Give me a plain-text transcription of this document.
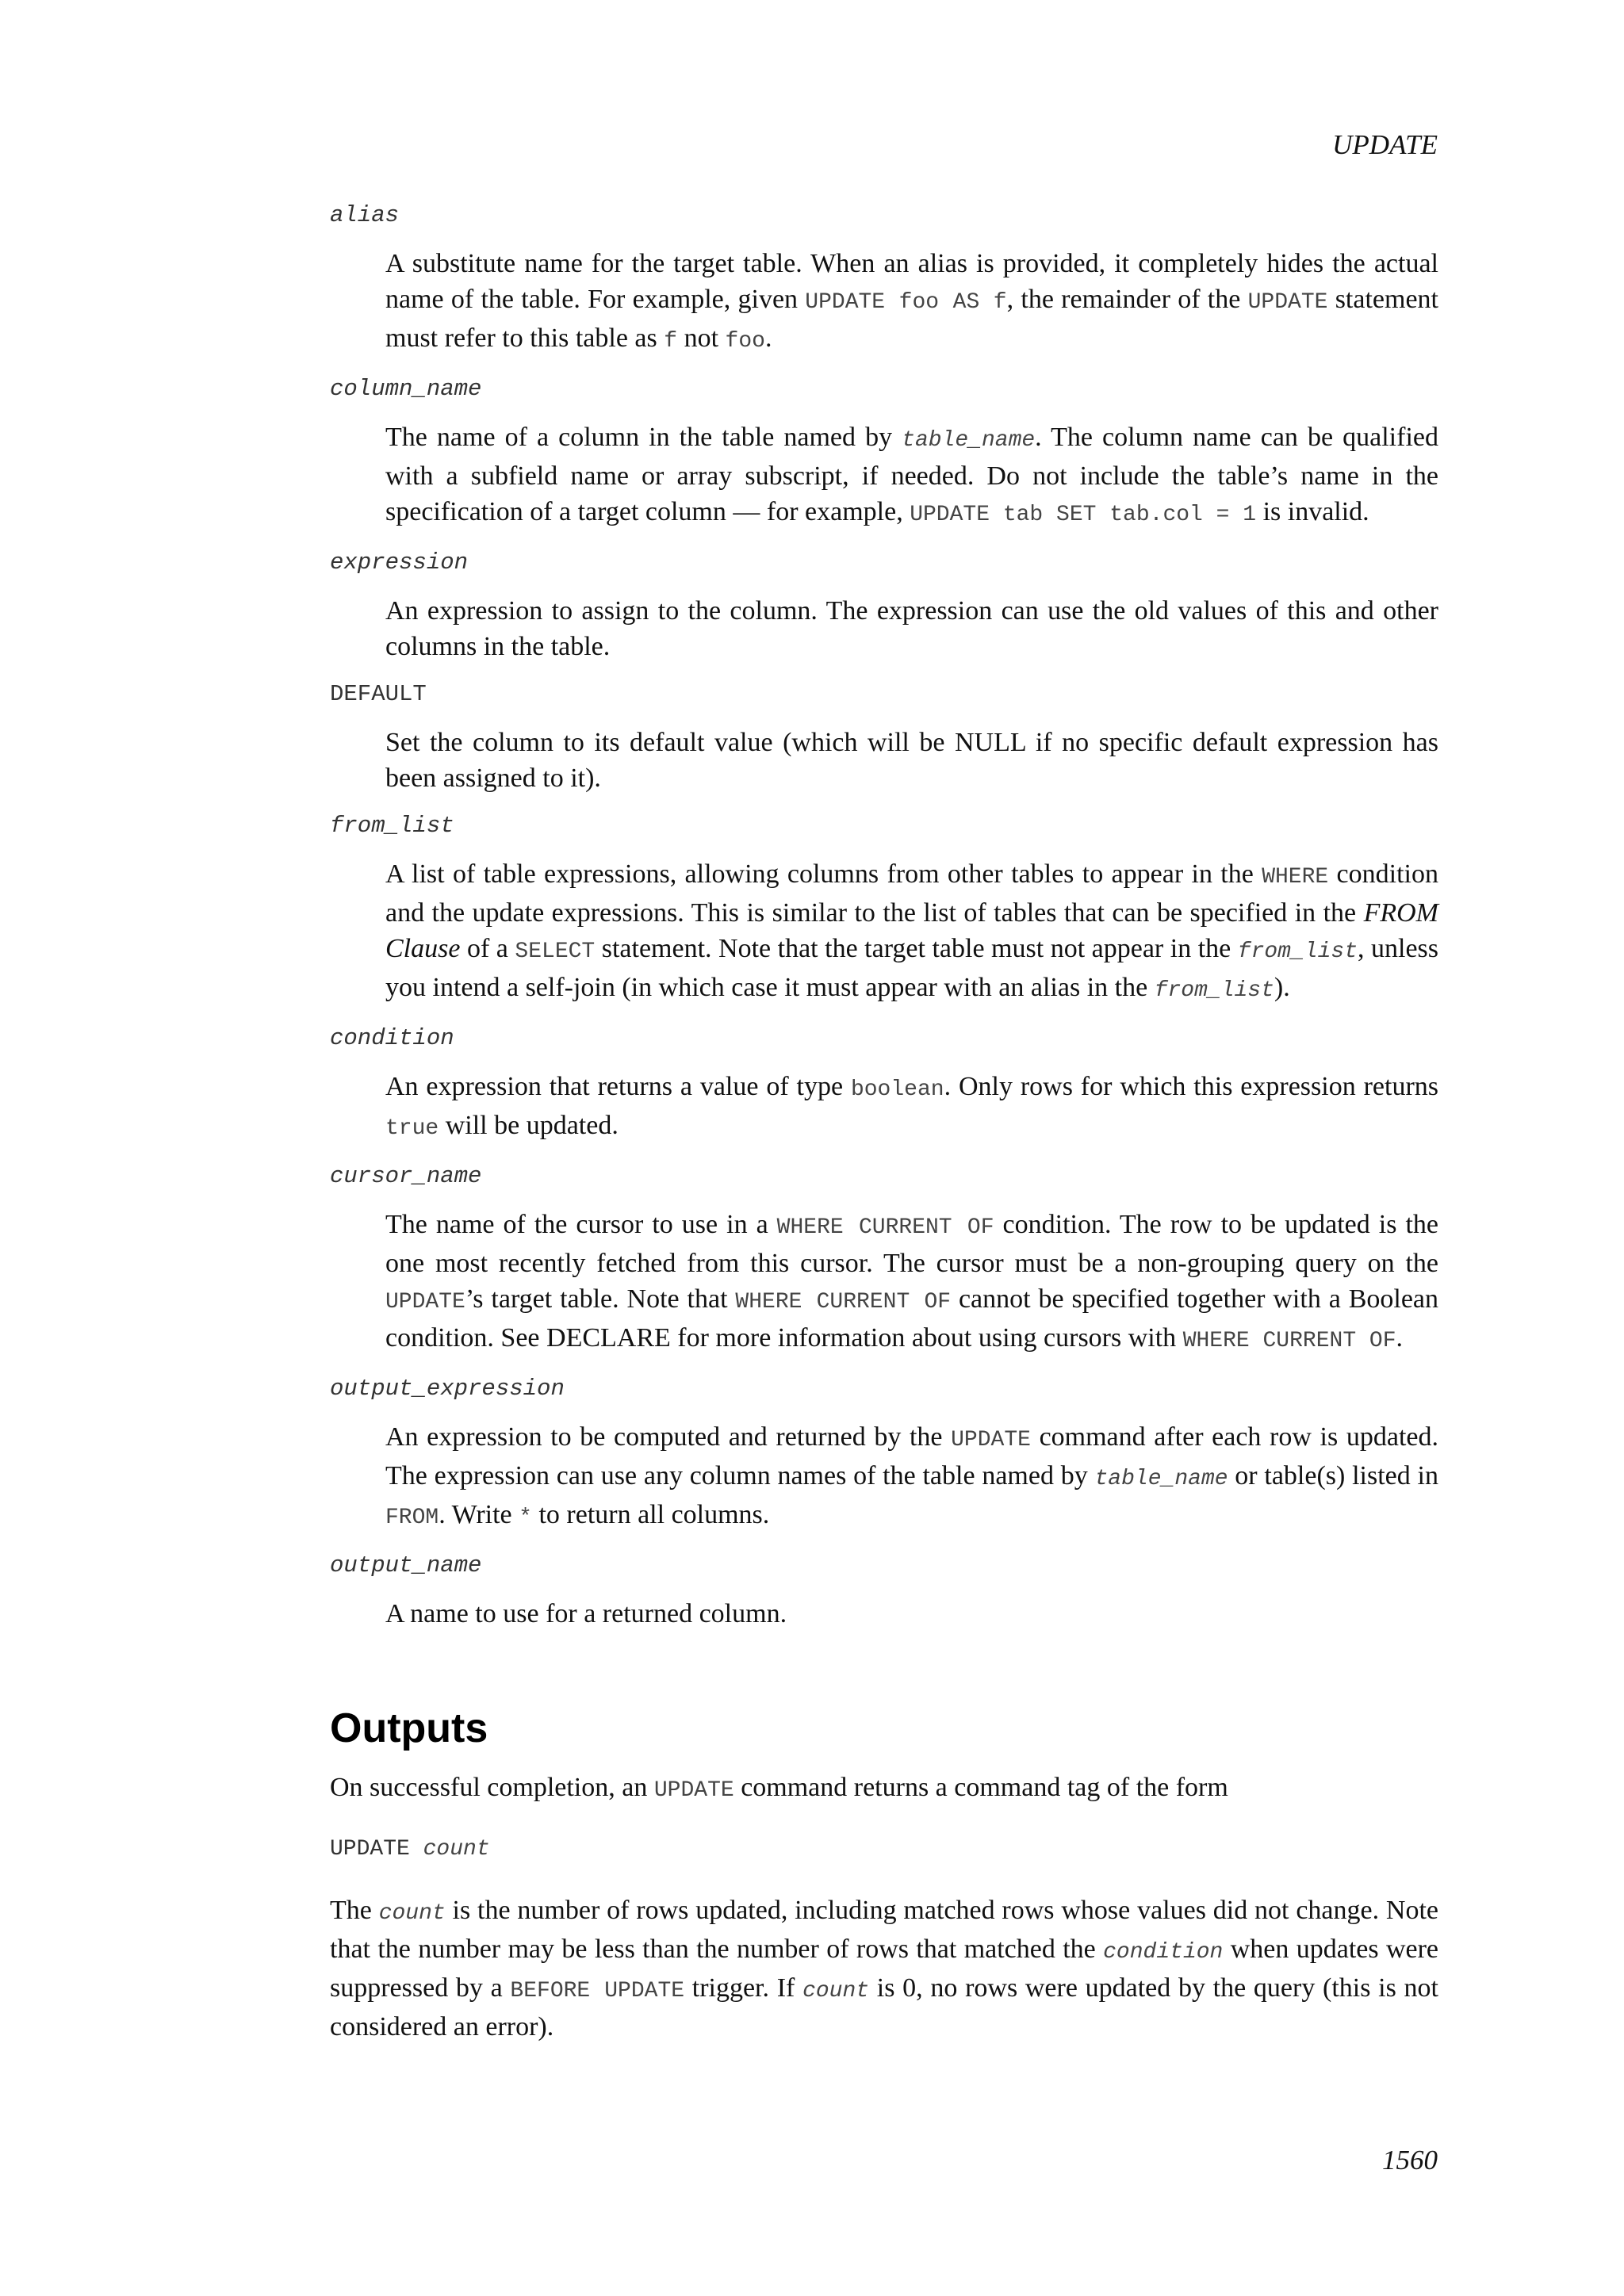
UPDATE

alias

A substitute name for the target table. When an alias is provided, it completely hides the actual name of the table. For example, given UPDATE foo AS f, the remainder of the UPDATE statement must refer to this table as f not foo.

column_name

The name of a column in the table named by table_name. The column name can be qualified with a subfield name or array subscript, if needed. Do not include the table’s name in the specification of a target column — for example, UPDATE tab SET tab.col = 1 is invalid.

expression

An expression to assign to the column. The expression can use the old values of this and other columns in the table.

DEFAULT

Set the column to its default value (which will be NULL if no specific default expression has been assigned to it).

from_list

A list of table expressions, allowing columns from other tables to appear in the WHERE condition and the update expressions. This is similar to the list of tables that can be specified in the FROM Clause of a SELECT statement. Note that the target table must not appear in the from_list, unless you intend a self-join (in which case it must appear with an alias in the from_list).

condition

An expression that returns a value of type boolean. Only rows for which this expression returns true will be updated.

cursor_name

The name of the cursor to use in a WHERE CURRENT OF condition. The row to be updated is the one most recently fetched from this cursor. The cursor must be a non-grouping query on the UPDATE’s target table. Note that WHERE CURRENT OF cannot be specified together with a Boolean condition. See DECLARE for more information about using cursors with WHERE CURRENT OF.

output_expression

An expression to be computed and returned by the UPDATE command after each row is updated. The expression can use any column names of the table named by table_name or table(s) listed in FROM. Write * to return all columns.

output_name

A name to use for a returned column.

Outputs

On successful completion, an UPDATE command returns a command tag of the form

UPDATE count

The count is the number of rows updated, including matched rows whose values did not change. Note that the number may be less than the number of rows that matched the condition when updates were suppressed by a BEFORE UPDATE trigger. If count is 0, no rows were updated by the query (this is not considered an error).

1560
